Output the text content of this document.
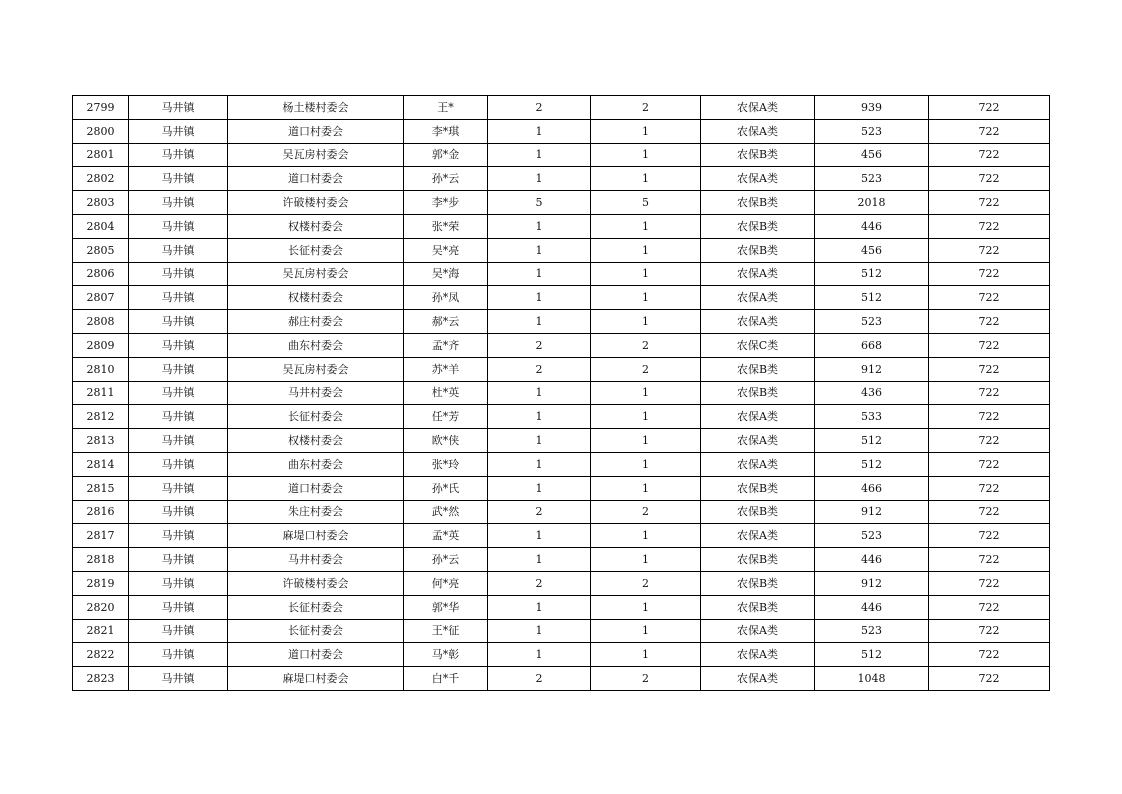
2799	马井镇	杨土楼村委会	王*	2	2	农保A类	939	722
2800	马井镇	道口村委会	李*琪	1	1	农保A类	523	722
2801	马井镇	吴瓦房村委会	郭*金	1	1	农保B类	456	722
2802	马井镇	道口村委会	孙*云	1	1	农保A类	523	722
2803	马井镇	许破楼村委会	李*步	5	5	农保B类	2018	722
2804	马井镇	权楼村委会	张*荣	1	1	农保B类	446	722
2805	马井镇	长征村委会	吴*亮	1	1	农保B类	456	722
2806	马井镇	吴瓦房村委会	吴*海	1	1	农保A类	512	722
2807	马井镇	权楼村委会	孙*凤	1	1	农保A类	512	722
2808	马井镇	郝庄村委会	郝*云	1	1	农保A类	523	722
2809	马井镇	曲东村委会	孟*齐	2	2	农保C类	668	722
2810	马井镇	吴瓦房村委会	苏*羊	2	2	农保B类	912	722
2811	马井镇	马井村委会	杜*英	1	1	农保B类	436	722
2812	马井镇	长征村委会	任*芳	1	1	农保A类	533	722
2813	马井镇	权楼村委会	欧*侠	1	1	农保A类	512	722
2814	马井镇	曲东村委会	张*玲	1	1	农保A类	512	722
2815	马井镇	道口村委会	孙*氏	1	1	农保B类	466	722
2816	马井镇	朱庄村委会	武*然	2	2	农保B类	912	722
2817	马井镇	麻堤口村委会	孟*英	1	1	农保A类	523	722
2818	马井镇	马井村委会	孙*云	1	1	农保B类	446	722
2819	马井镇	许破楼村委会	何*亮	2	2	农保B类	912	722
2820	马井镇	长征村委会	郭*华	1	1	农保B类	446	722
2821	马井镇	长征村委会	王*征	1	1	农保A类	523	722
2822	马井镇	道口村委会	马*彰	1	1	农保A类	512	722
2823	马井镇	麻堤口村委会	白*千	2	2	农保A类	1048	722
